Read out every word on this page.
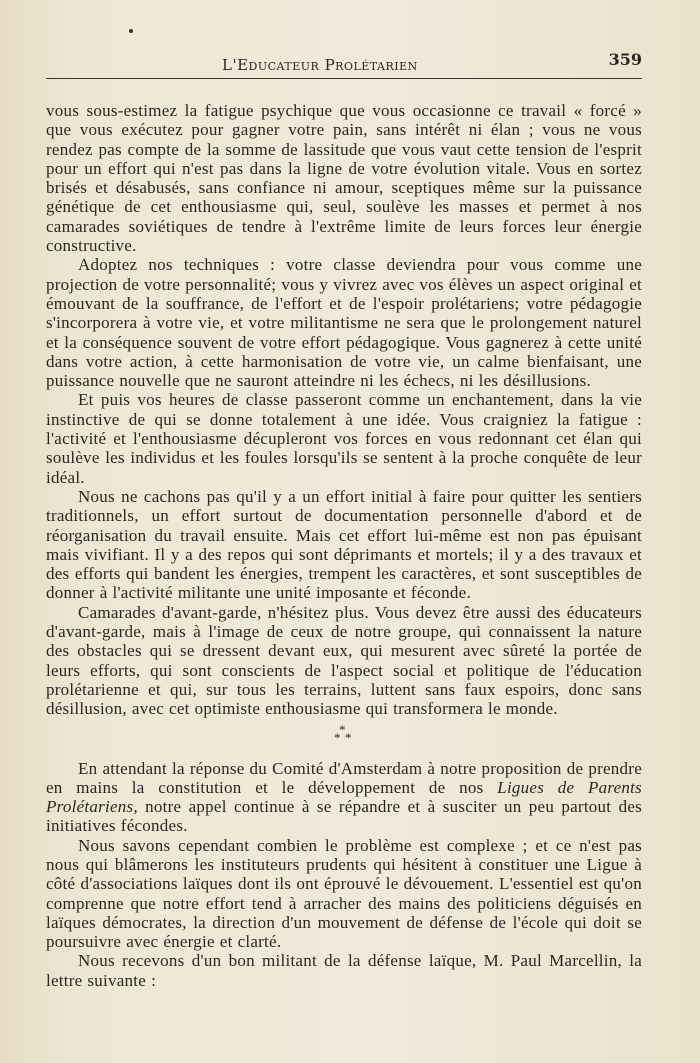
L'Educateur Prolétarien	359

vous sous-estimez la fatigue psychique que vous occasionne ce travail « forcé » que vous exécutez pour gagner votre pain, sans intérêt ni élan ; vous ne vous rendez pas compte de la somme de lassitude que vous vaut cette tension de l'esprit pour un effort qui n'est pas dans la ligne de votre évolution vitale. Vous en sortez brisés et désabusés, sans confiance ni amour, sceptiques même sur la puissance génétique de cet enthousiasme qui, seul, soulève les masses et permet à nos camarades soviétiques de tendre à l'extrême limite de leurs forces leur énergie constructive.

Adoptez nos techniques : votre classe deviendra pour vous comme une projection de votre personnalité; vous y vivrez avec vos élèves un aspect original et émouvant de la souffrance, de l'effort et de l'espoir prolétariens; votre pédagogie s'incorporera à votre vie, et votre militantisme ne sera que le prolongement naturel et la conséquence souvent de votre effort pédagogique. Vous gagnerez à cette unité dans votre action, à cette harmonisation de votre vie, un calme bienfaisant, une puissance nouvelle que ne sauront atteindre ni les échecs, ni les désillusions.

Et puis vos heures de classe passeront comme un enchantement, dans la vie instinctive de qui se donne totalement à une idée. Vous craigniez la fatigue : l'activité et l'enthousiasme décupleront vos forces en vous redonnant cet élan qui soulève les individus et les foules lorsqu'ils se sentent à la proche conquête de leur idéal.

Nous ne cachons pas qu'il y a un effort initial à faire pour quitter les sentiers traditionnels, un effort surtout de documentation personnelle d'abord et de réorganisation du travail ensuite. Mais cet effort lui-même est non pas épuisant mais vivifiant. Il y a des repos qui sont déprimants et mortels; il y a des travaux et des efforts qui bandent les énergies, trempent les caractères, et sont susceptibles de donner à l'activité militante une unité imposante et féconde.

Camarades d'avant-garde, n'hésitez plus. Vous devez être aussi des éducateurs d'avant-garde, mais à l'image de ceux de notre groupe, qui connaissent la nature des obstacles qui se dressent devant eux, qui mesurent avec sûreté la portée de leurs efforts, qui sont conscients de l'aspect social et politique de l'éducation prolétarienne et qui, sur tous les terrains, luttent sans faux espoirs, donc sans désillusion, avec cet optimiste enthousiasme qui transformera le monde.

*
* *

En attendant la réponse du Comité d'Amsterdam à notre proposition de prendre en mains la constitution et le développement de nos Ligues de Parents Prolétariens, notre appel continue à se répandre et à susciter un peu partout des initiatives fécondes.

Nous savons cependant combien le problème est complexe ; et ce n'est pas nous qui blâmerons les instituteurs prudents qui hésitent à constituer une Ligue à côté d'associations laïques dont ils ont éprouvé le dévouement. L'essentiel est qu'on comprenne que notre effort tend à arracher des mains des politiciens déguisés en laïques démocrates, la direction d'un mouvement de défense de l'école qui doit se poursuivre avec énergie et clarté.

Nous recevons d'un bon militant de la défense laïque, M. Paul Marcellin, la lettre suivante :
